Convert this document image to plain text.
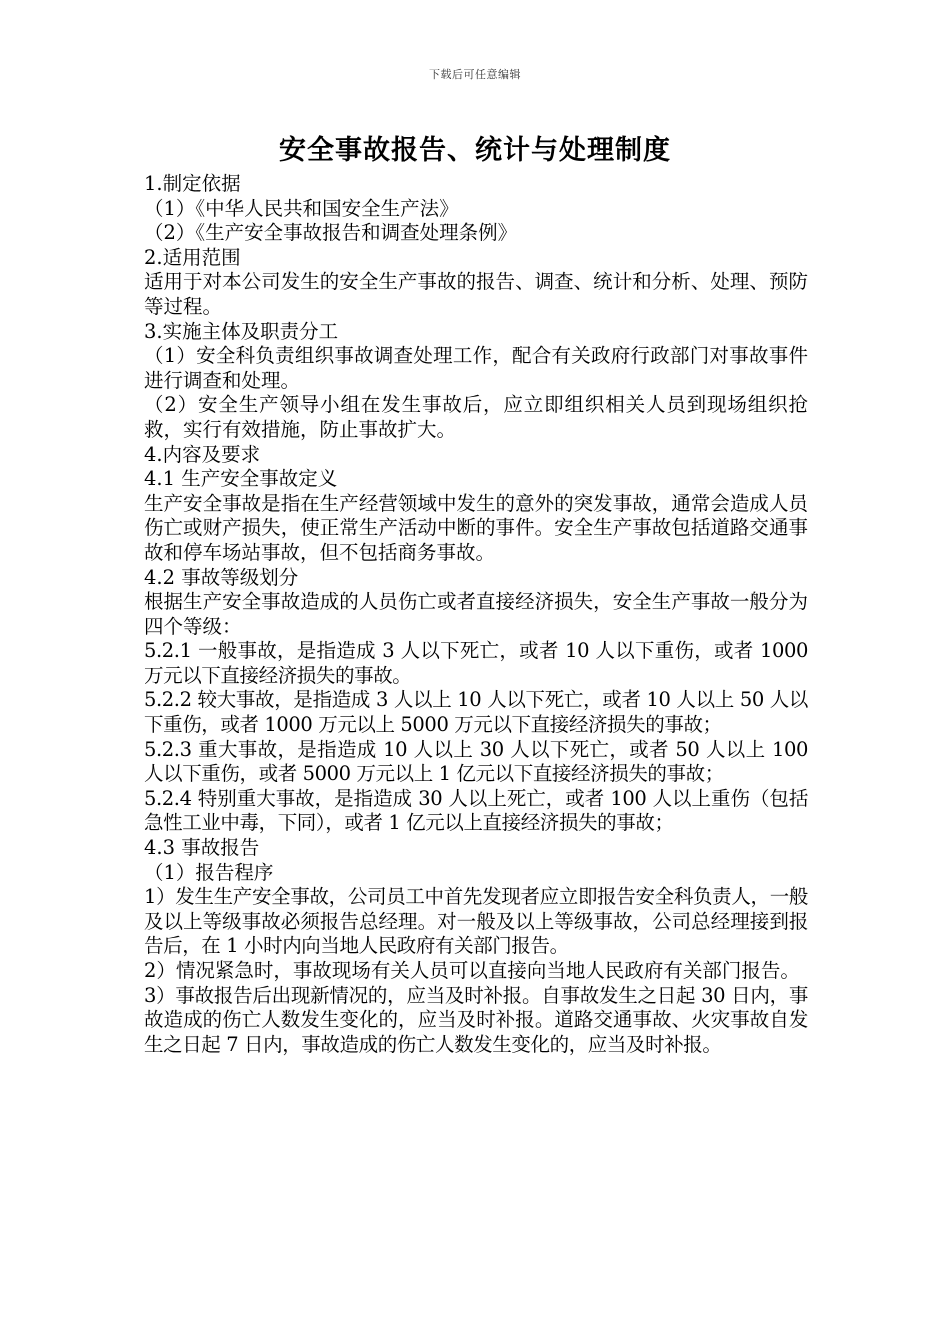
下载后可任意编辑
安全事故报告、统计与处理制度

1.制定依据

（1）《中华人民共和国安全生产法》

（2）《生产安全事故报告和调查处理条例》

2.适用范围

适用于对本公司发生的安全生产事故的报告、调查、统计和分析、处理、预防等过程。

3.实施主体及职责分工

（1）安全科负责组织事故调查处理工作，配合有关政府行政部门对事故事件进行调查和处理。

（2）安全生产领导小组在发生事故后，应立即组织相关人员到现场组织抢救，实行有效措施，防止事故扩大。

4.内容及要求

4.1 生产安全事故定义

生产安全事故是指在生产经营领域中发生的意外的突发事故，通常会造成人员伤亡或财产损失，使正常生产活动中断的事件。安全生产事故包括道路交通事故和停车场站事故，但不包括商务事故。

4.2 事故等级划分

根据生产安全事故造成的人员伤亡或者直接经济损失，安全生产事故一般分为四个等级：

5.2.1 一般事故，是指造成 3 人以下死亡，或者 10 人以下重伤，或者 1000 万元以下直接经济损失的事故。

5.2.2 较大事故，是指造成 3 人以上 10 人以下死亡，或者 10 人以上 50 人以下重伤，或者 1000 万元以上 5000 万元以下直接经济损失的事故；

5.2.3 重大事故，是指造成 10 人以上 30 人以下死亡，或者 50 人以上 100 人以下重伤，或者 5000 万元以上 1 亿元以下直接经济损失的事故；

5.2.4 特别重大事故，是指造成 30 人以上死亡，或者 100 人以上重伤（包括急性工业中毒，下同），或者 1 亿元以上直接经济损失的事故；

4.3 事故报告

（1）报告程序

1）发生生产安全事故，公司员工中首先发现者应立即报告安全科负责人，一般及以上等级事故必须报告总经理。对一般及以上等级事故，公司总经理接到报告后，在 1 小时内向当地人民政府有关部门报告。

2）情况紧急时，事故现场有关人员可以直接向当地人民政府有关部门报告。

3）事故报告后出现新情况的，应当及时补报。自事故发生之日起 30 日内，事故造成的伤亡人数发生变化的，应当及时补报。道路交通事故、火灾事故自发生之日起 7 日内，事故造成的伤亡人数发生变化的，应当及时补报。
